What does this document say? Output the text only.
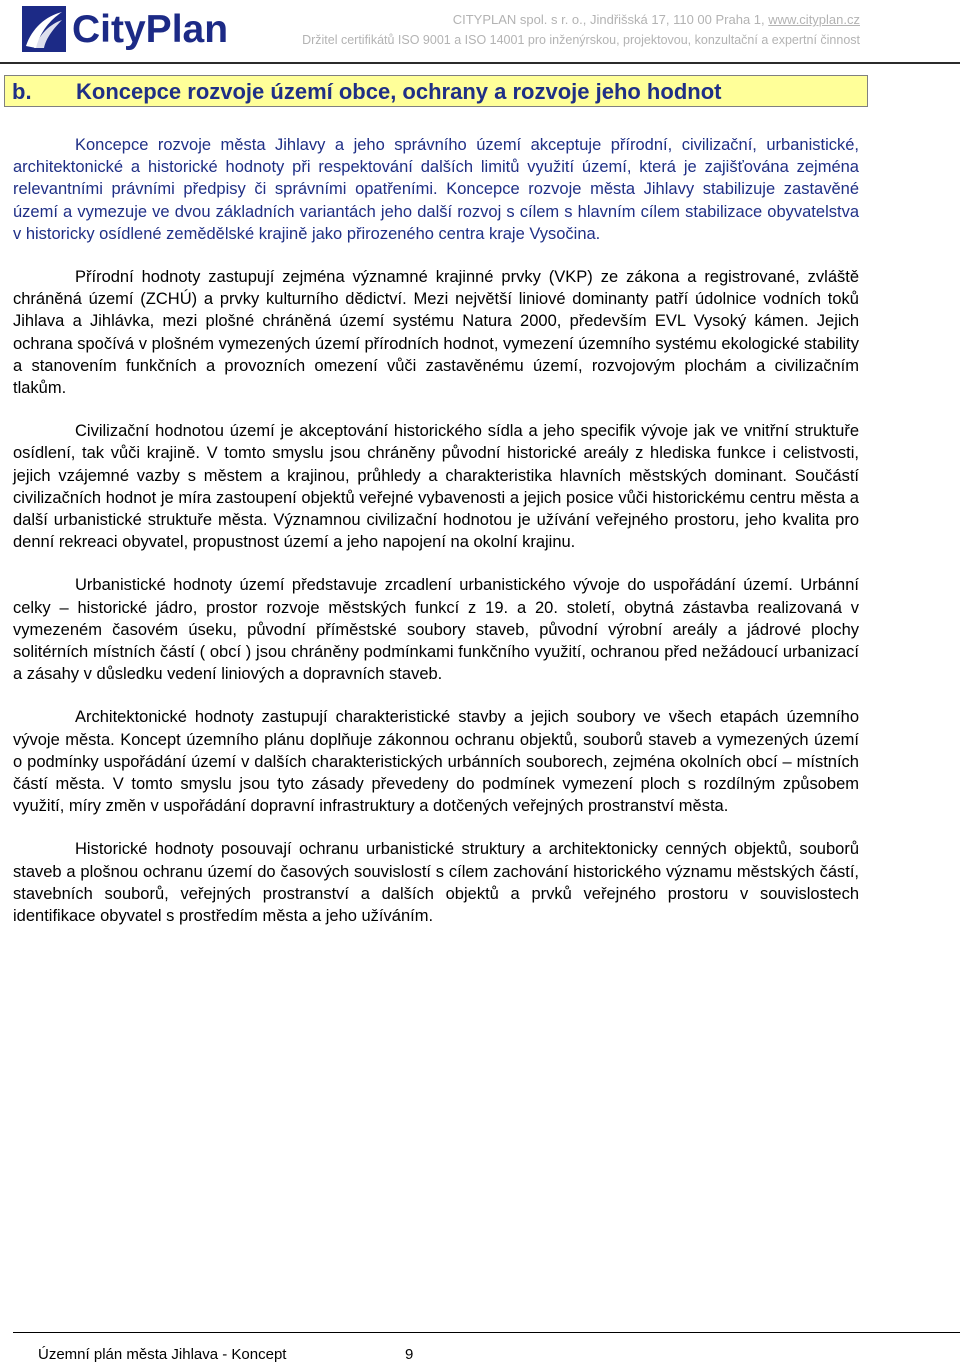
CityPlan	CITYPLAN spol. s r. o., Jindřišská 17, 110 00 Praha 1, www.cityplan.cz
Držitel certifikátů ISO 9001 a ISO 14001 pro inženýrskou, projektovou, konzultační a expertní činnost
b. Koncepce rozvoje území obce, ochrany a rozvoje jeho hodnot

Koncepce rozvoje města Jihlavy a jeho správního území akceptuje přírodní, civilizační, urbanistické, architektonické a historické hodnoty při respektování dalších limitů využití území, která je zajišťována zejména relevantními právními předpisy či správními opatřeními. Koncepce rozvoje města Jihlavy stabilizuje zastavěné území a vymezuje ve dvou základních variantách jeho další rozvoj s cílem s hlavním cílem stabilizace obyvatelstva v historicky osídlené zemědělské krajině jako přirozeného centra kraje Vysočina.

Přírodní hodnoty zastupují zejména významné krajinné prvky (VKP) ze zákona a registrované, zvláště chráněná území (ZCHÚ) a prvky kulturního dědictví. Mezi největší liniové dominanty patří údolnice vodních toků Jihlava a Jihlávka, mezi plošné chráněná území systému Natura 2000, především EVL Vysoký kámen. Jejich ochrana spočívá v plošném vymezených území přírodních hodnot, vymezení územního systému ekologické stability a stanovením funkčních a provozních omezení vůči zastavěnému území, rozvojovým plochám a civilizačním tlakům.

Civilizační hodnotou území je akceptování historického sídla a jeho specifik vývoje jak ve vnitřní struktuře osídlení, tak vůči krajině. V tomto smyslu jsou chráněny původní historické areály z hlediska funkce i celistvosti, jejich vzájemné vazby s městem a krajinou, průhledy a charakteristika hlavních městských dominant. Součástí civilizačních hodnot je míra zastoupení objektů veřejné vybavenosti a jejich posice vůči historickému centru města a další urbanistické struktuře města. Významnou civilizační hodnotou je užívání veřejného prostoru, jeho kvalita pro denní rekreaci obyvatel, propustnost území a jeho napojení na okolní krajinu.

Urbanistické hodnoty území představuje zrcadlení urbanistického vývoje do uspořádání území. Urbánní celky – historické jádro, prostor rozvoje městských funkcí z 19. a 20. století, obytná zástavba realizovaná v vymezeném časovém úseku, původní příměstské soubory staveb, původní výrobní areály a jádrové plochy solitérních místních částí ( obcí ) jsou chráněny podmínkami funkčního využití, ochranou před nežádoucí urbanizací a zásahy v důsledku vedení liniových a dopravních staveb.

Architektonické hodnoty zastupují charakteristické stavby a jejich soubory ve všech etapách územního vývoje města. Koncept územního plánu doplňuje zákonnou ochranu objektů, souborů staveb a vymezených území o podmínky uspořádání území v dalších charakteristických urbánních souborech, zejména okolních obcí – místních částí města. V tomto smyslu jsou tyto zásady převedeny do podmínek vymezení ploch s rozdílným způsobem využití, míry změn v uspořádání dopravní infrastruktury a dotčených veřejných prostranství města.

Historické hodnoty posouvají ochranu urbanistické struktury a architektonicky cenných objektů, souborů staveb a plošnou ochranu území do časových souvislostí s cílem zachování historického významu městských částí, stavebních souborů, veřejných prostranství a dalších objektů a prvků veřejného prostoru v souvislostech identifikace obyvatel s prostředím města a jeho užíváním.

Územní plán města Jihlava - Koncept	9
